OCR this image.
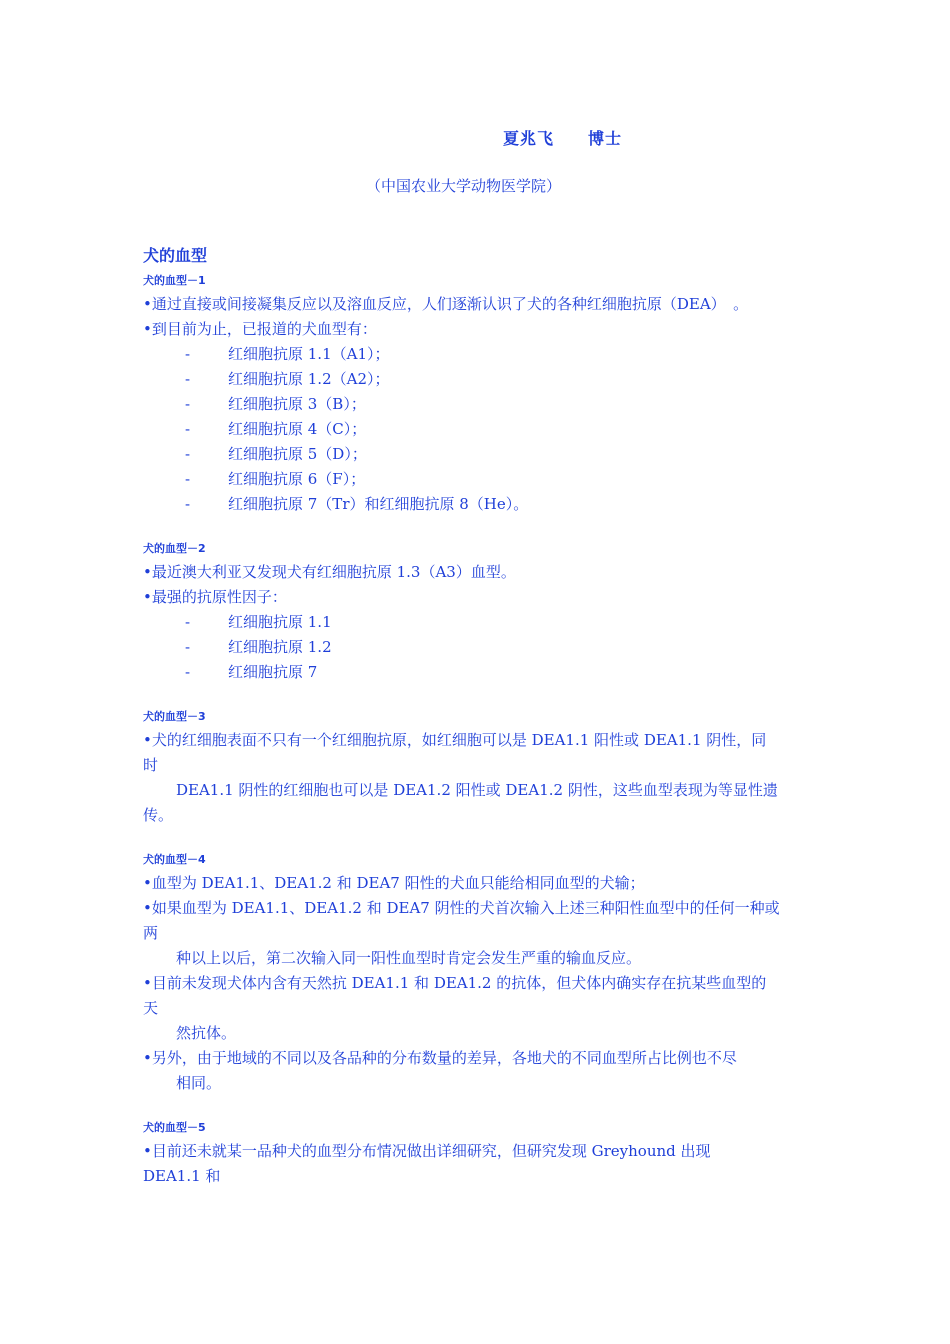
夏兆飞　　博士
（中国农业大学动物医学院）
犬的血型
犬的血型－1
•通过直接或间接凝集反应以及溶血反应，人们逐渐认识了犬的各种红细胞抗原（DEA）　。
•到目前为止，已报道的犬血型有：
-	红细胞抗原 1.1（A1）；
-	红细胞抗原 1.2（A2）；
-	红细胞抗原 3（B）；
-	红细胞抗原 4（C）；
-	红细胞抗原 5（D）；
-	红细胞抗原 6（F）；
-	红细胞抗原 7（Tr）和红细胞抗原 8（He）。
犬的血型－2
•最近澳大利亚又发现犬有红细胞抗原 1.3（A3）血型。
•最强的抗原性因子：
-	红细胞抗原 1.1
-	红细胞抗原 1.2
-	红细胞抗原 7
犬的血型－3
•犬的红细胞表面不只有一个红细胞抗原，如红细胞可以是 DEA1.1 阳性或 DEA1.1 阴性，同
时
DEA1.1 阴性的红细胞也可以是 DEA1.2 阳性或 DEA1.2 阴性，这些血型表现为等显性遗
传。
犬的血型－4
•血型为 DEA1.1、DEA1.2 和 DEA7 阳性的犬血只能给相同血型的犬输；
•如果血型为 DEA1.1、DEA1.2 和 DEA7 阴性的犬首次输入上述三种阳性血型中的任何一种或
两
种以上以后，第二次输入同一阳性血型时肯定会发生严重的输血反应。
•目前未发现犬体内含有天然抗 DEA1.1 和 DEA1.2 的抗体，但犬体内确实存在抗某些血型的
天
然抗体。
•另外，由于地域的不同以及各品种的分布数量的差异，各地犬的不同血型所占比例也不尽
相同。
犬的血型－5
•目前还未就某一品种犬的血型分布情况做出详细研究，但研究发现 Greyhound 出现
DEA1.1 和
